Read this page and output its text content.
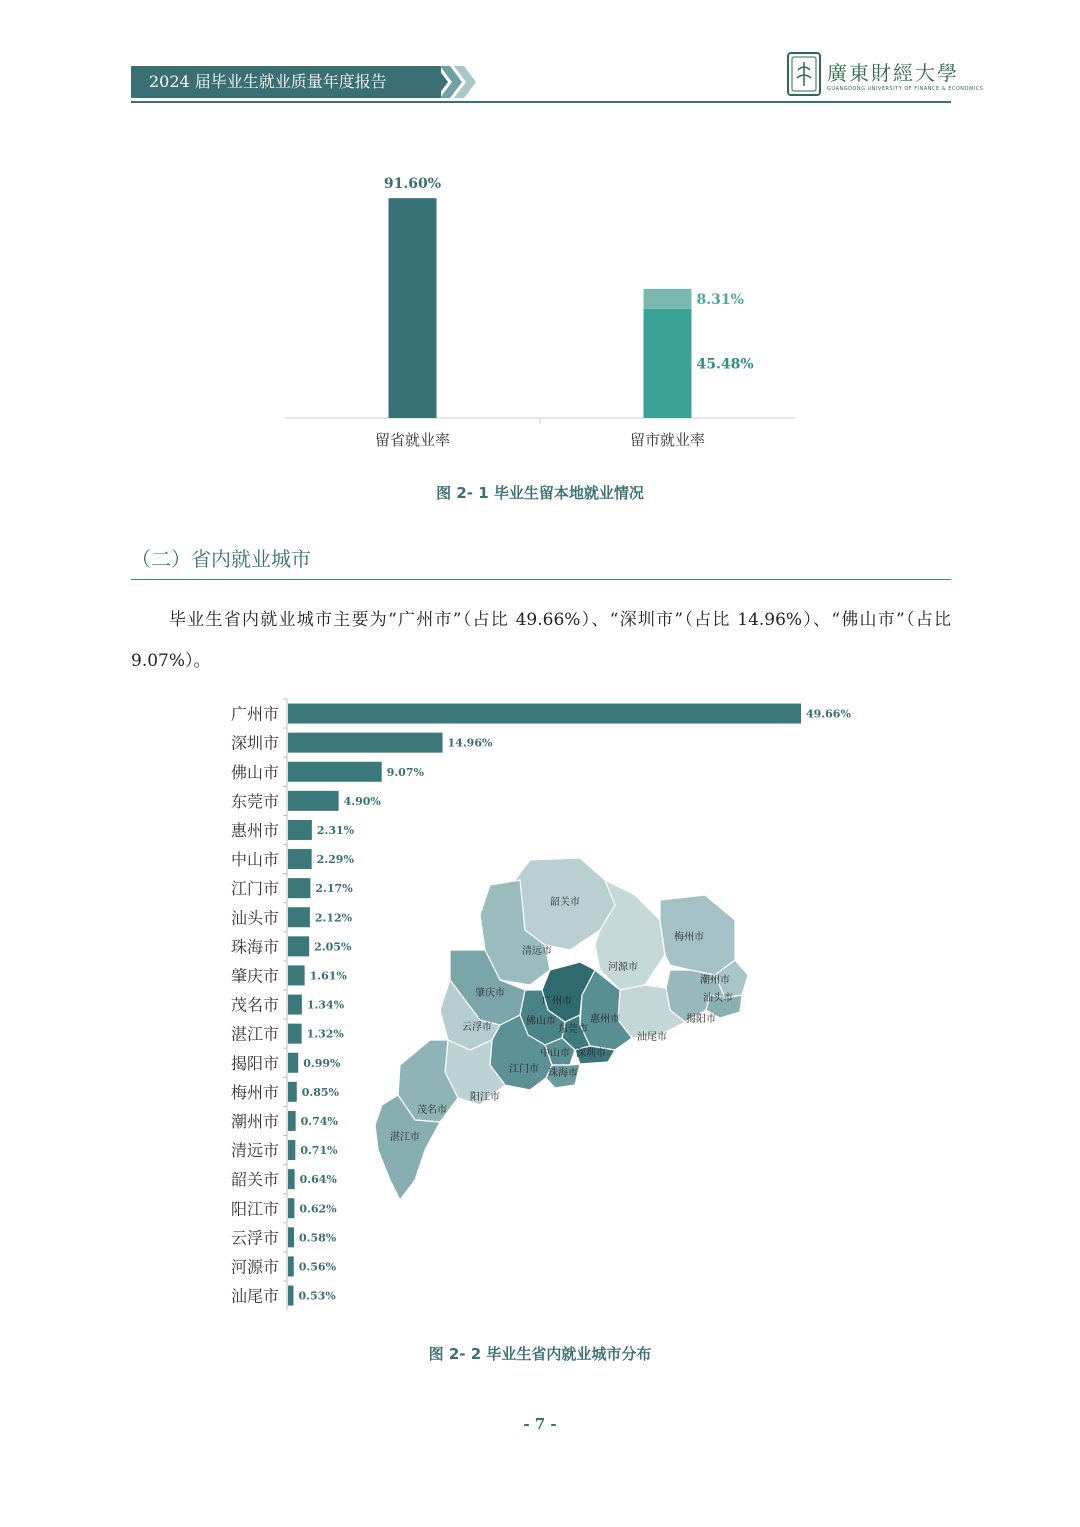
2024 届毕业生就业质量年度报告	廣東財經大學
GUANGDONG UNIVERSITY OF FINANCE & ECONOMICS
91.60%
留省就业率
45.48%
8.31%
留市就业率
图 2- 1 毕业生留本地就业情况
（二）省内就业城市
毕业生省内就业城市主要为“广州市”（占比 49.66%）、“深圳市”（占比 14.96%）、“佛山市”（占比 9.07%）。
韶关市
清远市
河源市
梅州市
潮州市
汕头市
揭阳市
汕尾市
惠州市
广州市
东莞市
深圳市
佛山市
中山市
珠海市
江门市
肇庆市
云浮市
阳江市
茂名市
湛江市
广州市	49.66%
深圳市	14.96%
佛山市	9.07%
东莞市	4.90%
惠州市	2.31%
中山市	2.29%
江门市	2.17%
汕头市	2.12%
珠海市	2.05%
肇庆市	1.61%
茂名市	1.34%
湛江市	1.32%
揭阳市 0.99%
梅州市 0.85%
潮州市 0.74%
清远市 0.71%
韶关市 0.64%
阳江市 0.62%
云浮市 0.58%
河源市 0.56%
汕尾市 0.53%
图 2- 2 毕业生省内就业城市分布
- 7 -
